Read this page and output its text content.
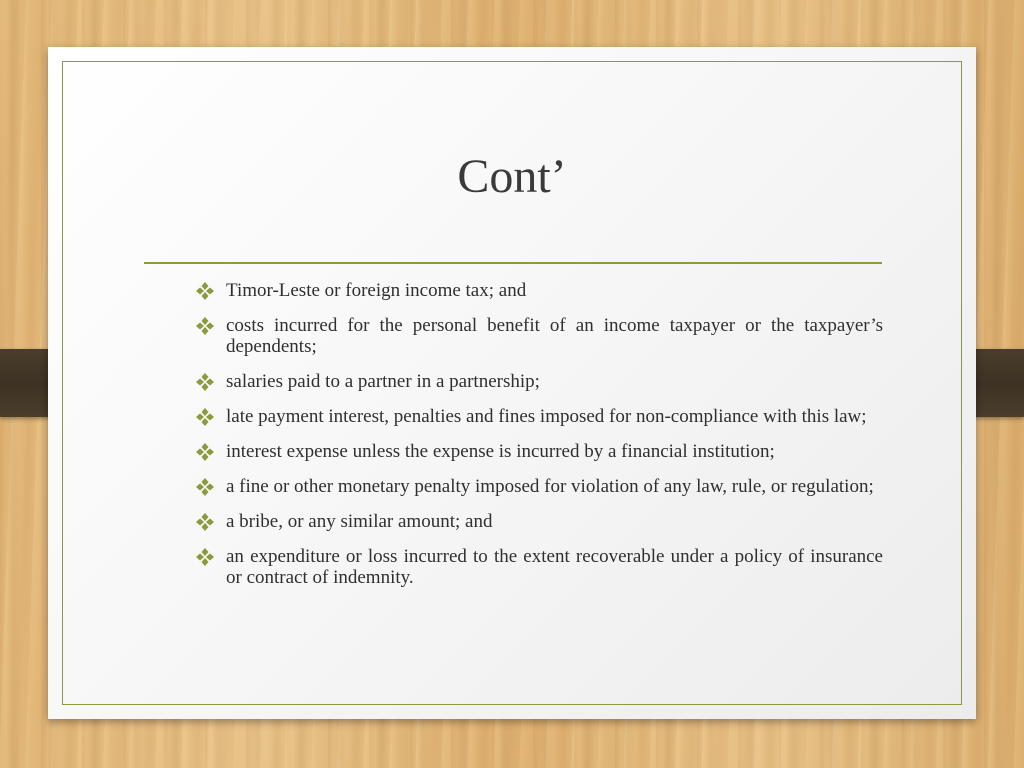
Cont’
Timor-Leste or foreign income tax; and
costs incurred for the personal benefit of an income taxpayer or the taxpayer’s dependents;
salaries paid to a partner in a partnership;
late payment interest, penalties and fines imposed for non-compliance with this law;
interest expense unless the expense is incurred by a financial institution;
a fine or other monetary penalty imposed for violation of any law, rule, or regulation;
a bribe, or any similar amount; and
an expenditure or loss incurred to the extent recoverable under a policy of insurance or contract of indemnity.
